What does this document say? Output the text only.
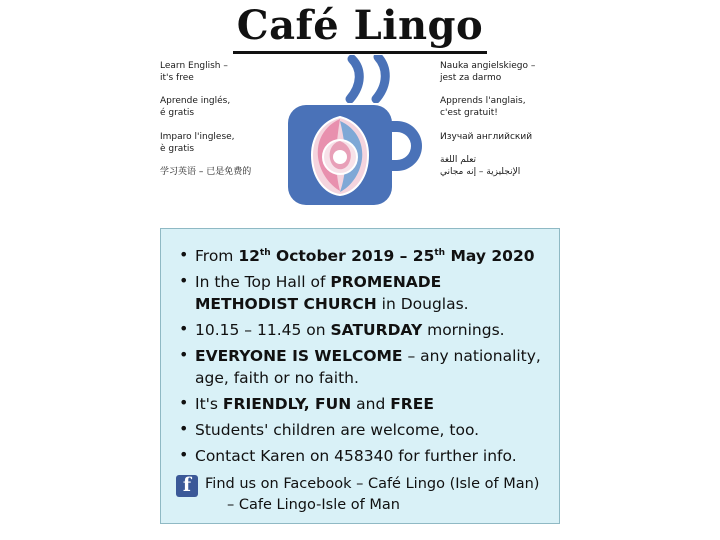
Café Lingo
Learn English –
it's free
Aprende inglés,
é gratis
Imparo l'inglese,
è gratis
学习英语 – 已是免费的
Nauka angielskiego –
jest za darmo
Apprends l'anglais,
c'est gratuit!
Изучай английский
تعلم اللغة
الإنجليزية – إنه مجاني
• From 12th October 2019 – 25th May 2020
• In the Top Hall of PROMENADE METHODIST CHURCH in Douglas.
• 10.15 – 11.45 on SATURDAY mornings.
• EVERYONE IS WELCOME – any nationality, age, faith or no faith.
• It's FRIENDLY, FUN and FREE
• Students' children are welcome, too.
• Contact Karen on 458340 for further info.
f Find us on Facebook – Café Lingo (Isle of Man)
– Cafe Lingo-Isle of Man
